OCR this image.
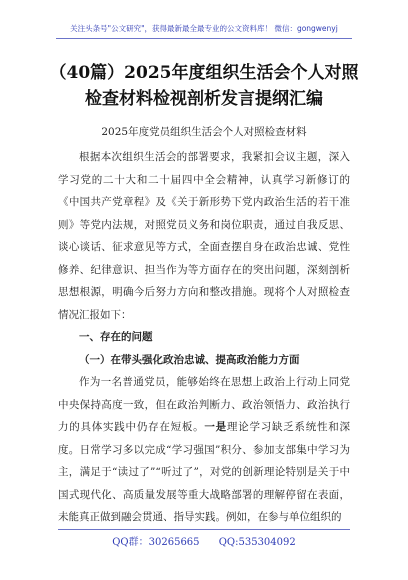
关注头条号"公文研究"，获得最新最全最专业的公文资料库！ 微信：gongwenyj
（40篇）2025年度组织生活会个人对照
检查材料检视剖析发言提纲汇编
2025年度党员组织生活会个人对照检查材料

根据本次组织生活会的部署要求，我紧扣会议主题，深入学习党的二十大和二十届四中全会精神，认真学习新修订的《中国共产党章程》及《关于新形势下党内政治生活的若干准则》等党内法规，对照党员义务和岗位职责，通过自我反思、谈心谈话、征求意见等方式，全面查摆自身在政治忠诚、党性修养、纪律意识、担当作为等方面存在的突出问题，深刻剖析思想根源，明确今后努力方向和整改措施。现将个人对照检查情况汇报如下：

一、存在的问题

（一）在带头强化政治忠诚、提高政治能力方面

作为一名普通党员，能够始终在思想上政治上行动上同党中央保持高度一致，但在政治判断力、政治领悟力、政治执行力的具体实践中仍存在短板。一是理论学习缺乏系统性和深度。日常学习多以完成“学习强国”积分、参加支部集中学习为主，满足于“读过了”“听过了”，对党的创新理论特别是关于中国式现代化、高质量发展等重大战略部署的理解停留在表面，未能真正做到融会贯通、指导实践。例如，在参与单位组织的

QQ群：30265665 QQ:535304092
